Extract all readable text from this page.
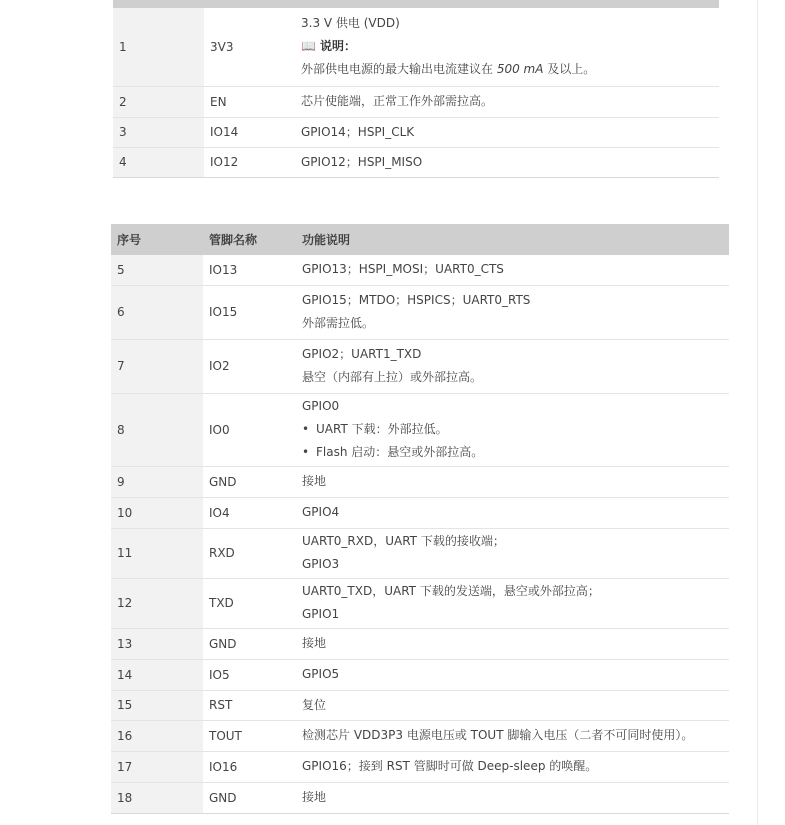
1	3V3	3.3 V 供电 (VDD)
📖 说明：
外部供电电源的最大输出电流建议在 500 mA 及以上。

2	EN	芯片使能端，正常工作外部需拉高。
3	IO14	GPIO14；HSPI_CLK
4	IO12	GPIO12；HSPI_MISO
序号	管脚名称	功能说明
5	IO13	GPIO13；HSPI_MOSI；UART0_CTS

6	IO15	GPIO15；MTDO；HSPICS；UART0_RTS
外部需拉低。

7	IO2	GPIO2；UART1_TXD
悬空（内部有上拉）或外部拉高。

8	IO0	GPIO0
• UART 下载：外部拉低。
• Flash 启动：悬空或外部拉高。

9	GND	接地

10	IO4	GPIO4

11	RXD	UART0_RXD，UART 下载的接收端；
GPIO3

12	TXD	UART0_TXD，UART 下载的发送端，悬空或外部拉高；
GPIO1

13	GND	接地

14	IO5	GPIO5

15	RST	复位

16	TOUT	检测芯片 VDD3P3 电源电压或 TOUT 脚输入电压（二者不可同时使用）。

17	IO16	GPIO16；接到 RST 管脚时可做 Deep-sleep 的唤醒。

18	GND	接地
